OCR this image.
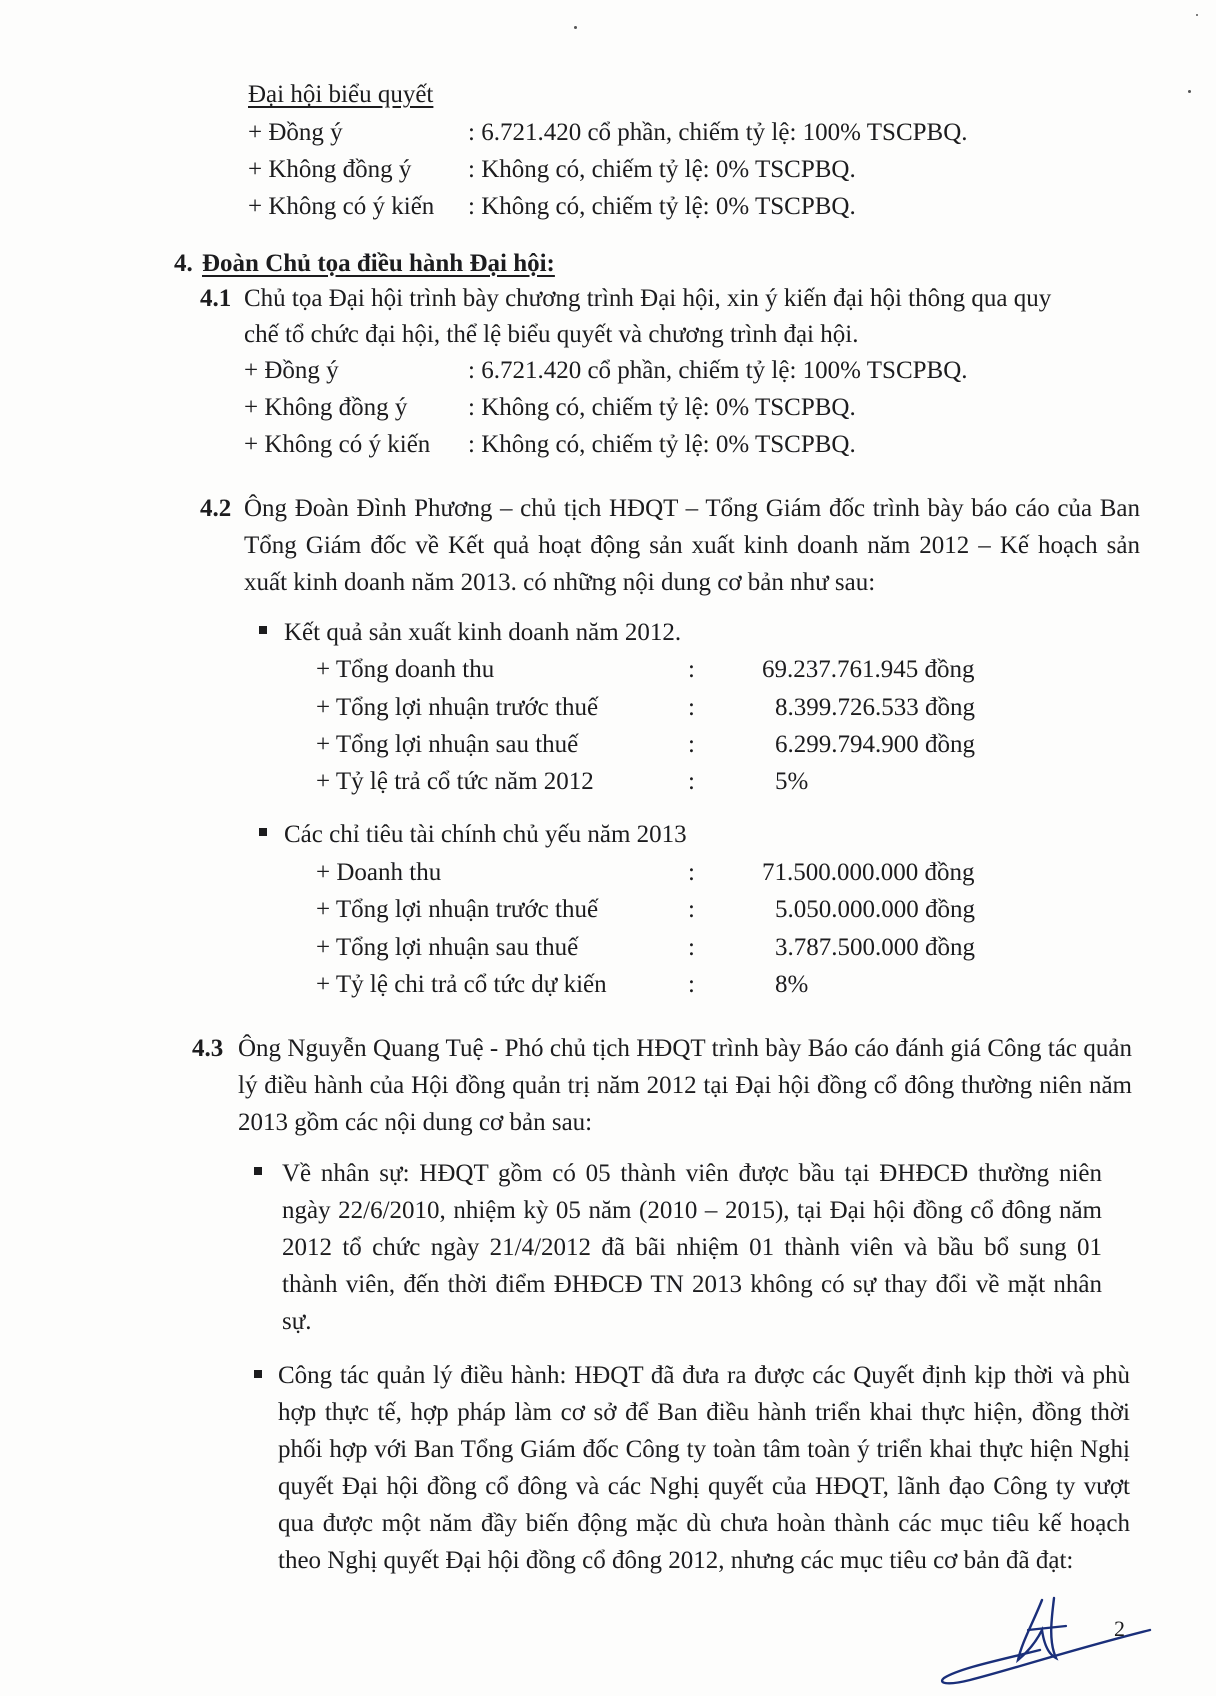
Đại hội biểu quyết
+ Đồng ý	: 6.721.420 cổ phần, chiếm tỷ lệ: 100% TSCPBQ.
+ Không đồng ý : Không có, chiếm tỷ lệ: 0% TSCPBQ.
+ Không có ý kiến : Không có, chiếm tỷ lệ: 0% TSCPBQ.
4. Đoàn Chủ tọa điều hành Đại hội:
4.1 Chủ tọa Đại hội trình bày chương trình Đại hội, xin ý kiến đại hội thông qua quy
chế tổ chức đại hội, thể lệ biểu quyết và chương trình đại hội.
+ Đồng ý	: 6.721.420 cổ phần, chiếm tỷ lệ: 100% TSCPBQ.
+ Không đồng ý : Không có, chiếm tỷ lệ: 0% TSCPBQ.
+ Không có ý kiến : Không có, chiếm tỷ lệ: 0% TSCPBQ.
4.2 Ông Đoàn Đình Phương – chủ tịch HĐQT – Tổng Giám đốc trình bày báo cáo của Ban Tổng Giám đốc về Kết quả hoạt động sản xuất kinh doanh năm 2012 – Kế hoạch sản xuất kinh doanh năm 2013. có những nội dung cơ bản như sau:
Kết quả sản xuất kinh doanh năm 2012.
+ Tổng doanh thu	:	69.237.761.945 đồng
+ Tổng lợi nhuận trước thuế	:	8.399.726.533 đồng
+ Tổng lợi nhuận sau thuế	:	6.299.794.900 đồng
+ Tỷ lệ trả cổ tức năm 2012	:	5%
Các chỉ tiêu tài chính chủ yếu năm 2013
+ Doanh thu	:	71.500.000.000 đồng
+ Tổng lợi nhuận trước thuế	:	5.050.000.000 đồng
+ Tổng lợi nhuận sau thuế	:	3.787.500.000 đồng
+ Tỷ lệ chi trả cổ tức dự kiến	:	8%
4.3 Ông Nguyễn Quang Tuệ - Phó chủ tịch HĐQT trình bày Báo cáo đánh giá Công tác quản lý điều hành của Hội đồng quản trị năm 2012 tại Đại hội đồng cổ đông thường niên năm 2013 gồm các nội dung cơ bản sau:
Về nhân sự: HĐQT gồm có 05 thành viên được bầu tại ĐHĐCĐ thường niên ngày 22/6/2010, nhiệm kỳ 05 năm (2010 – 2015), tại Đại hội đồng cổ đông năm 2012 tổ chức ngày 21/4/2012 đã bãi nhiệm 01 thành viên và bầu bổ sung 01 thành viên, đến thời điểm ĐHĐCĐ TN 2013 không có sự thay đổi về mặt nhân sự.
Công tác quản lý điều hành: HĐQT đã đưa ra được các Quyết định kịp thời và phù hợp thực tế, hợp pháp làm cơ sở để Ban điều hành triển khai thực hiện, đồng thời phối hợp với Ban Tổng Giám đốc Công ty toàn tâm toàn ý triển khai thực hiện Nghị quyết Đại hội đồng cổ đông và các Nghị quyết của HĐQT, lãnh đạo Công ty vượt qua được một năm đầy biến động mặc dù chưa hoàn thành các mục tiêu kế hoạch theo Nghị quyết Đại hội đồng cổ đông 2012, nhưng các mục tiêu cơ bản đã đạt:
2
